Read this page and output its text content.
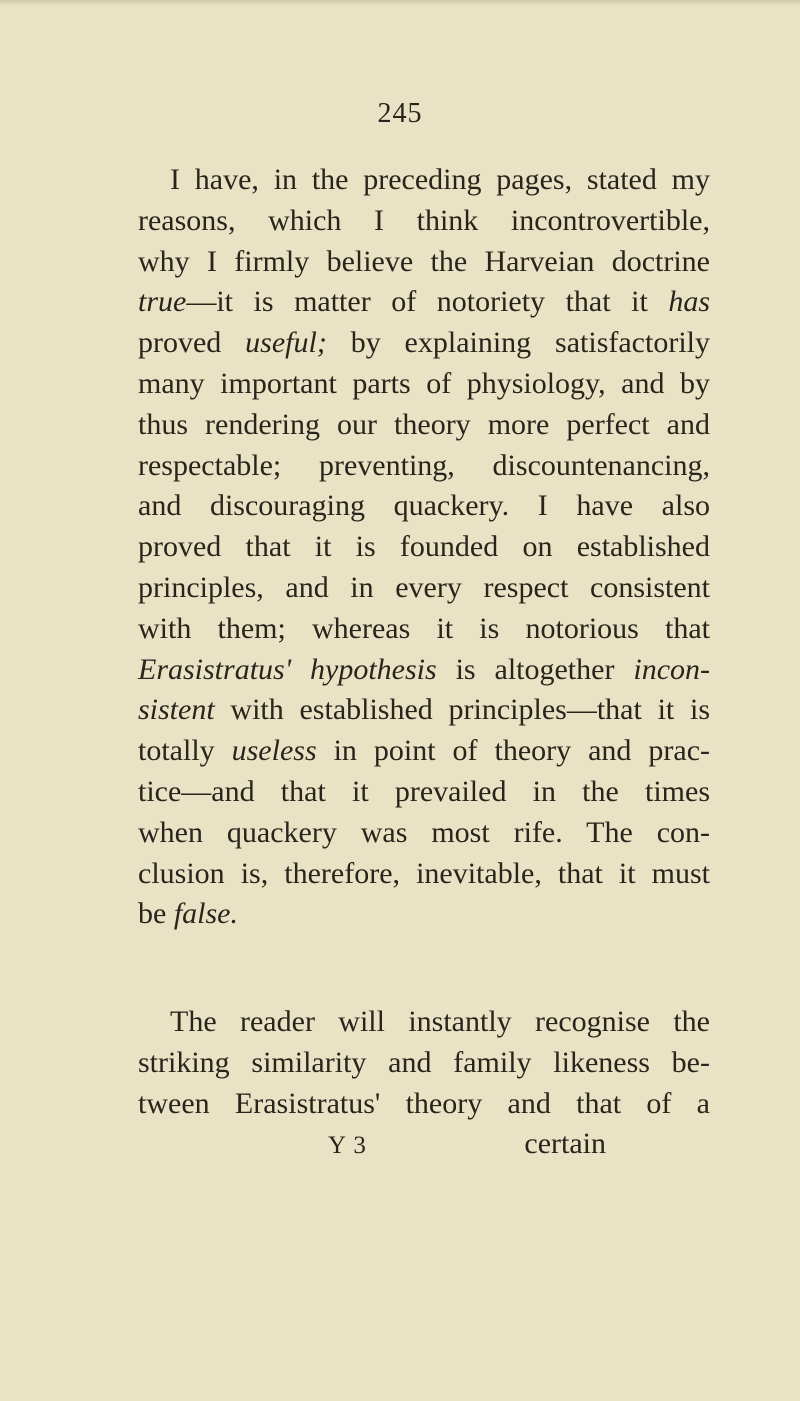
245
I have, in the preceding pages, stated my
reasons, which I think incontrovertible,
why I firmly believe the Harveian doctrine
true—it is matter of notoriety that it has
proved useful; by explaining satisfactorily
many important parts of physiology, and by
thus rendering our theory more perfect and
respectable; preventing, discountenancing,
and discouraging quackery. I have also
proved that it is founded on established
principles, and in every respect consistent
with them; whereas it is notorious that
Erasistratus' hypothesis is altogether incon-
sistent with established principles—that it is
totally useless in point of theory and prac-
tice—and that it prevailed in the times
when quackery was most rife. The con-
clusion is, therefore, inevitable, that it must
be false.
The reader will instantly recognise the
striking similarity and family likeness be-
tween Erasistratus' theory and that of a
Y 3	certain
